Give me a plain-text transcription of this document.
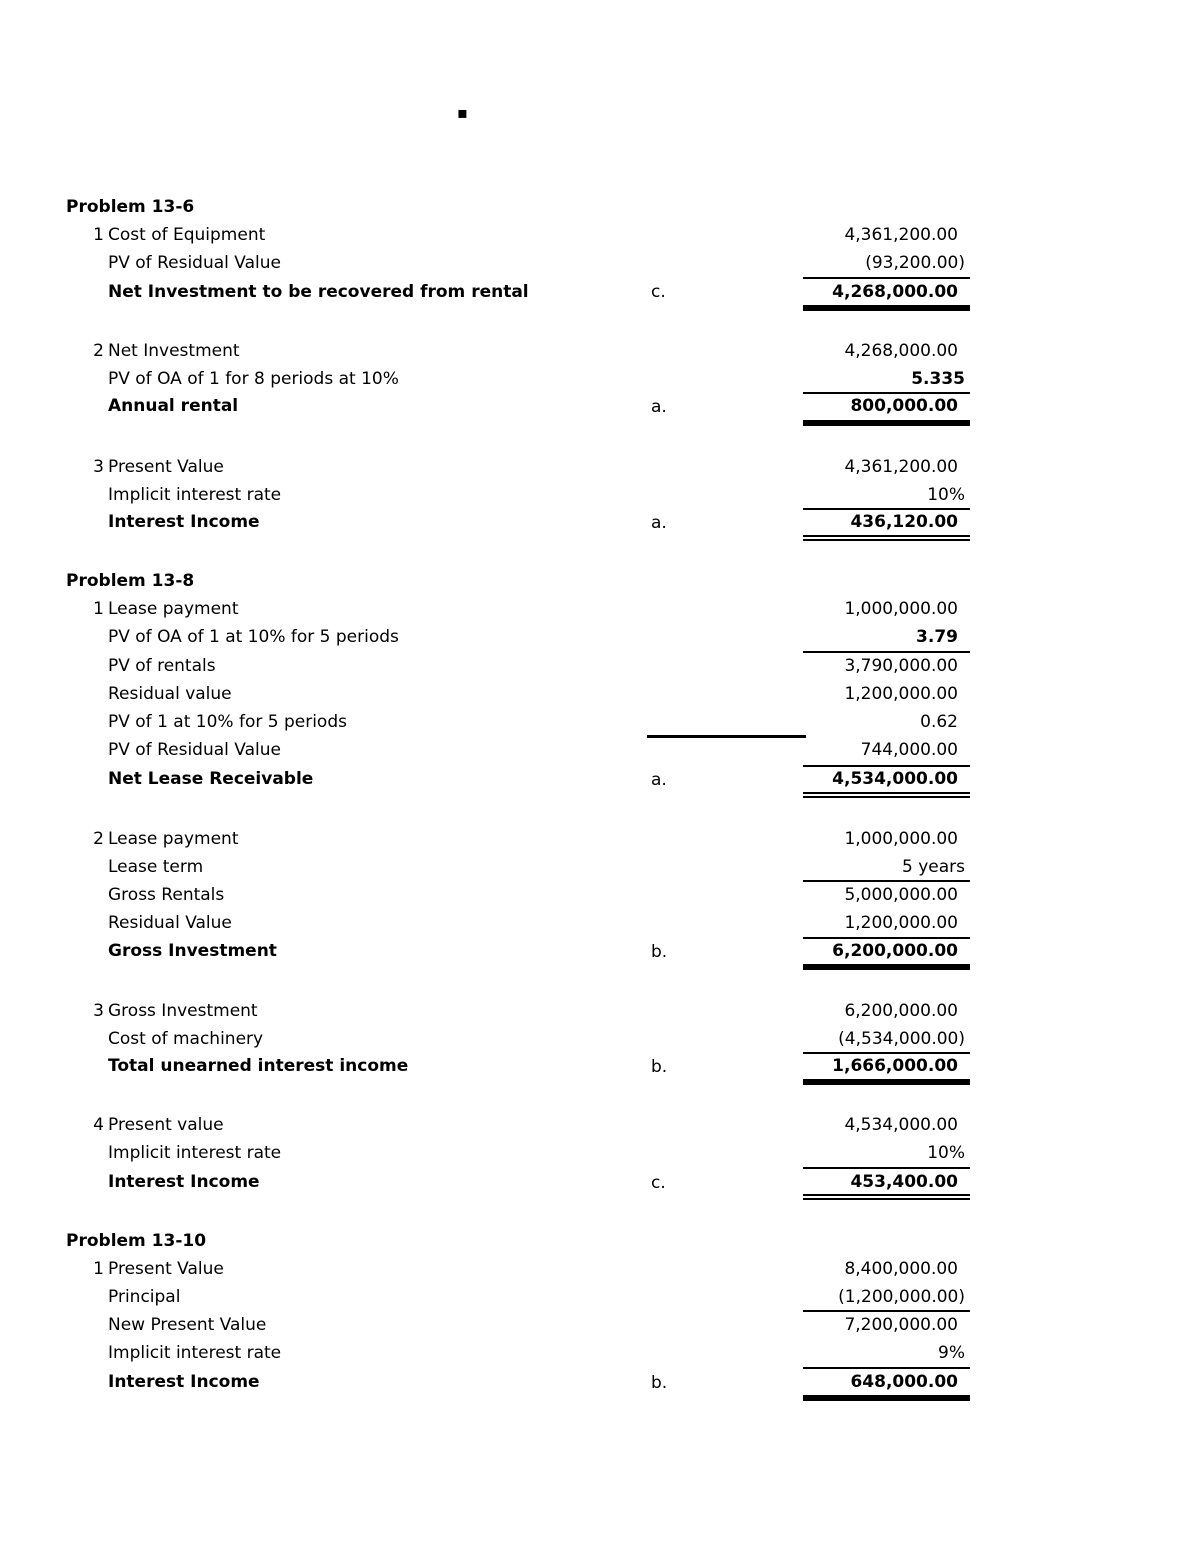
▪
Problem 13-6
1 Cost of Equipment	4,361,200.00
PV of Residual Value	(93,200.00)
Net Investment to be recovered from rental	c.	4,268,000.00
2 Net Investment	4,268,000.00
PV of OA of 1 for 8 periods at 10%	5.335
Annual rental	a.	800,000.00
3 Present Value	4,361,200.00
Implicit interest rate	10%
Interest Income	a.	436,120.00
Problem 13-8
1 Lease payment	1,000,000.00
PV of OA of 1 at 10% for 5 periods	3.79
PV of rentals	3,790,000.00
Residual value	1,200,000.00
PV of 1 at 10% for 5 periods	0.62
PV of Residual Value	744,000.00
Net Lease Receivable	a.	4,534,000.00
2 Lease payment	1,000,000.00
Lease term	5 years
Gross Rentals	5,000,000.00
Residual Value	1,200,000.00
Gross Investment	b.	6,200,000.00
3 Gross Investment	6,200,000.00
Cost of machinery	(4,534,000.00)
Total unearned interest income	b.	1,666,000.00
4 Present value	4,534,000.00
Implicit interest rate	10%
Interest Income	c.	453,400.00
Problem 13-10
1 Present Value	8,400,000.00
Principal	(1,200,000.00)
New Present Value	7,200,000.00
Implicit interest rate	9%
Interest Income	b.	648,000.00
